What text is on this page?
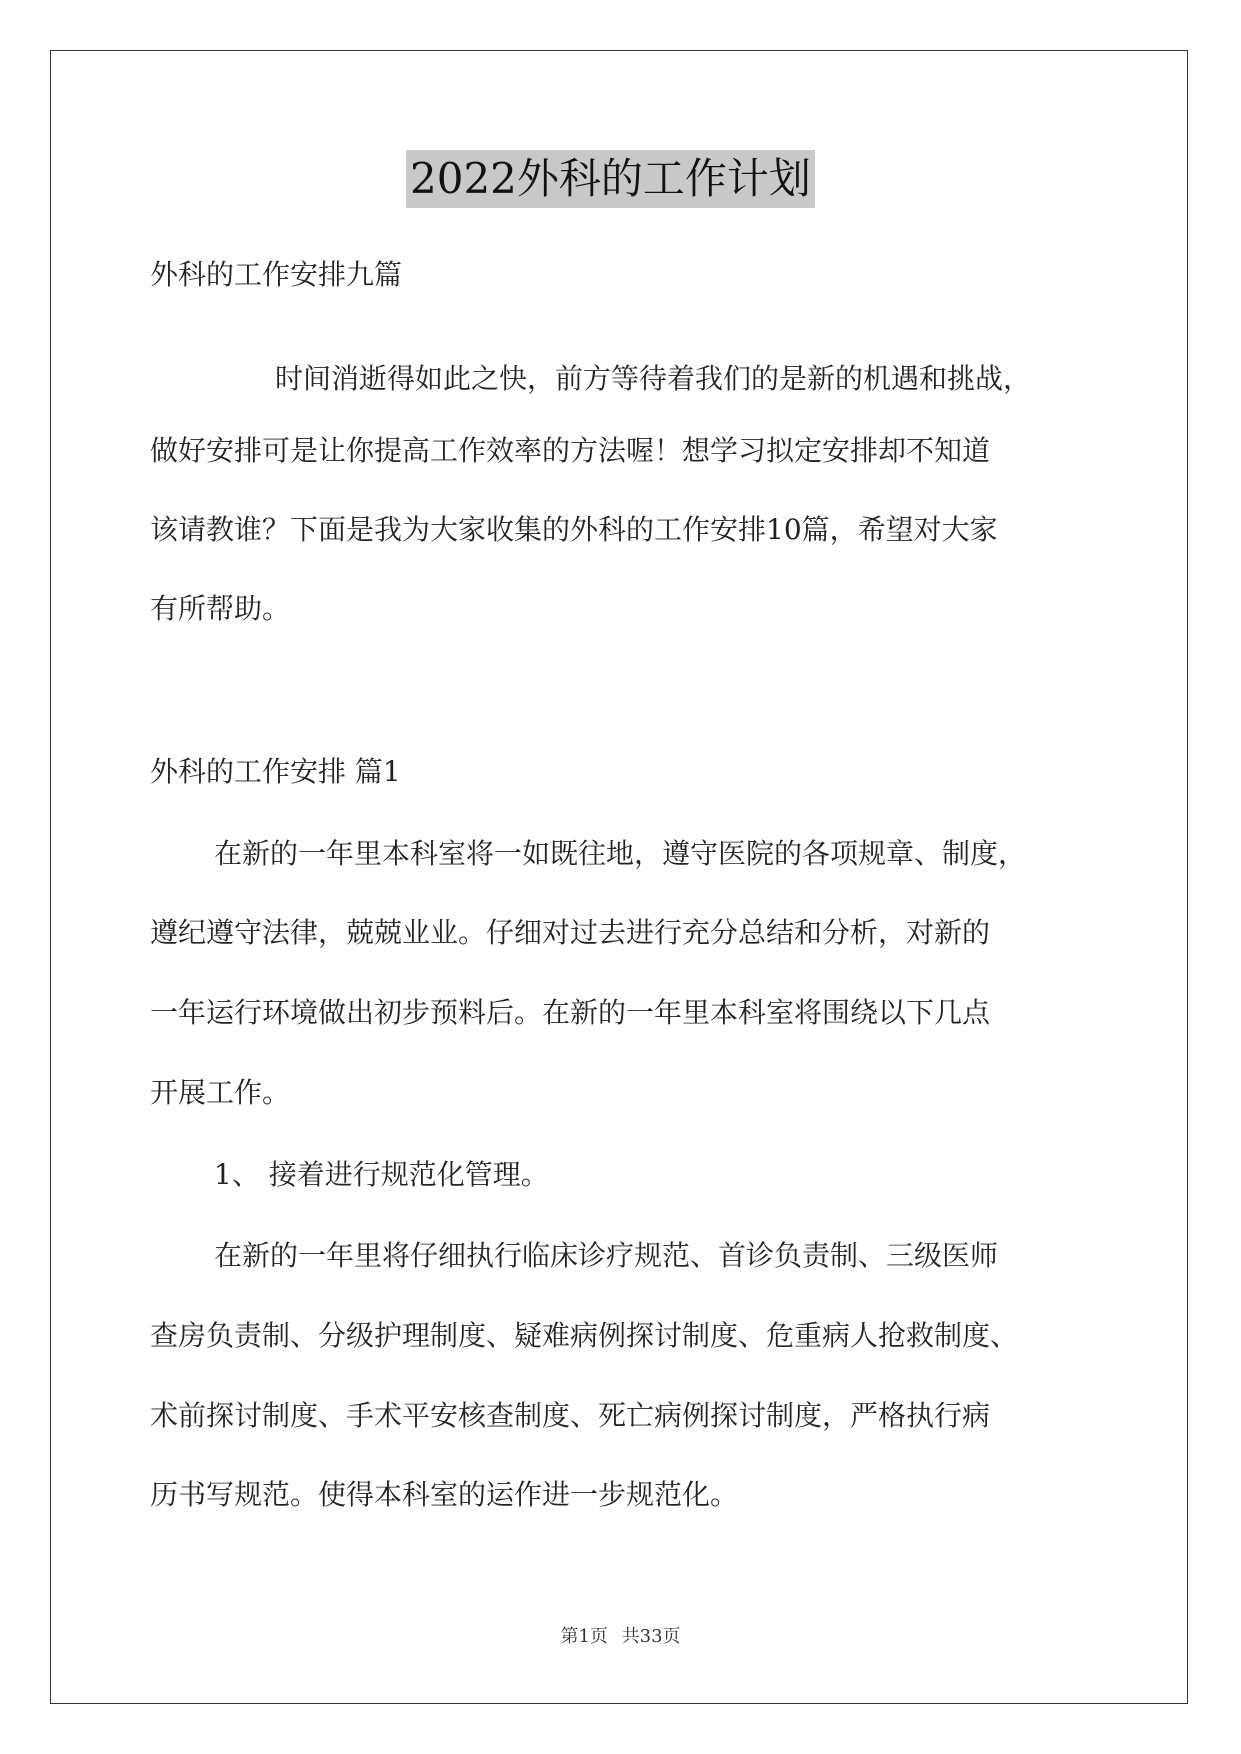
2022外科的工作计划
外科的工作安排九篇
时间消逝得如此之快，前方等待着我们的是新的机遇和挑战，
做好安排可是让你提高工作效率的方法喔！想学习拟定安排却不知道
该请教谁？下面是我为大家收集的外科的工作安排10篇，希望对大家
有所帮助。
外科的工作安排 篇1
在新的一年里本科室将一如既往地，遵守医院的各项规章、制度，
遵纪遵守法律，兢兢业业。仔细对过去进行充分总结和分析，对新的
一年运行环境做出初步预料后。在新的一年里本科室将围绕以下几点
开展工作。
1、 接着进行规范化管理。
在新的一年里将仔细执行临床诊疗规范、首诊负责制、三级医师
查房负责制、分级护理制度、疑难病例探讨制度、危重病人抢救制度、
术前探讨制度、手术平安核查制度、死亡病例探讨制度，严格执行病
历书写规范。使得本科室的运作进一步规范化。
第1页 共33页
